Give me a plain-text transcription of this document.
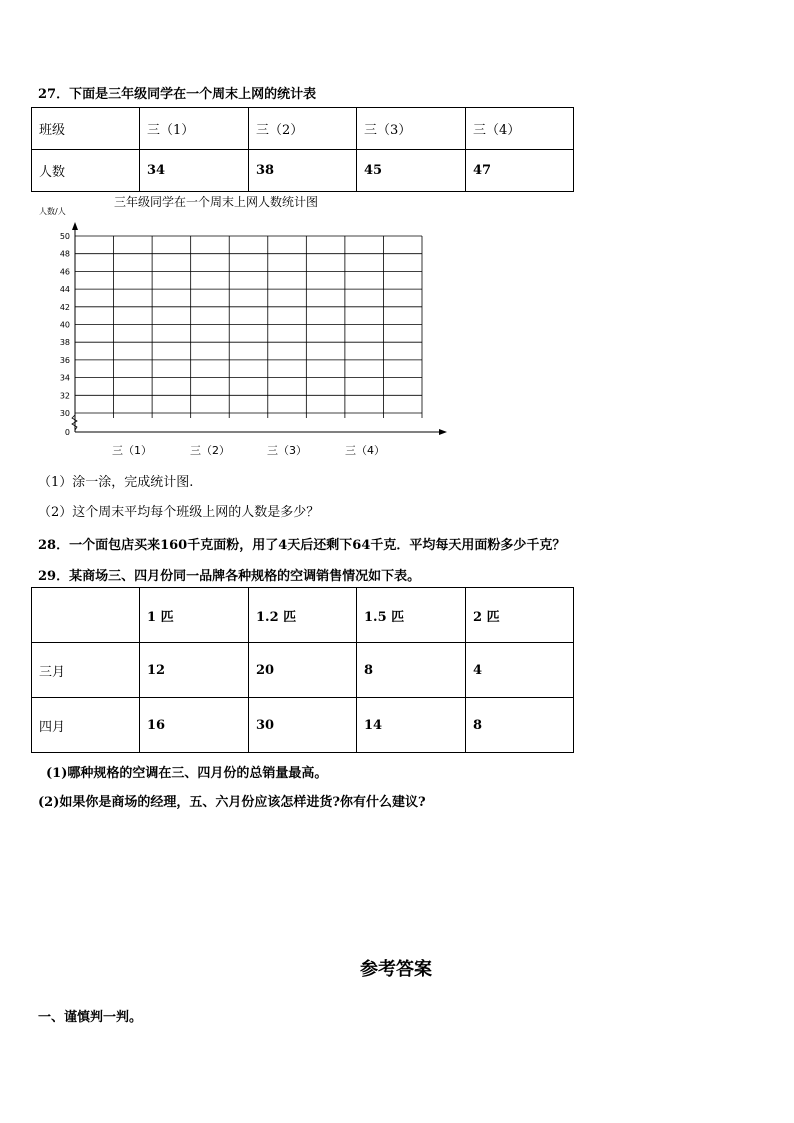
27．下面是三年级同学在一个周末上网的统计表
班级	三（1）	三（2）	三（3）	三（4）
人数	34	38	45	47
三年级同学在一个周末上网人数统计图
人数/人
30
32
34
36
38
40
42
44
46
48
50
0
三（1）	三（2）	三（3）	三（4）
（1）涂一涂，完成统计图.
（2）这个周末平均每个班级上网的人数是多少？
28．一个面包店买来160千克面粉，用了4天后还剩下64千克．平均每天用面粉多少千克？
29．某商场三、四月份同一品牌各种规格的空调销售情况如下表。
	1 匹	1.2 匹	1.5 匹	2 匹
三月	12	20	8	4
四月	16	30	14	8
(1)哪种规格的空调在三、四月份的总销量最高。
(2)如果你是商场的经理，五、六月份应该怎样进货?你有什么建议?
参考答案
一、谨慎判一判。
